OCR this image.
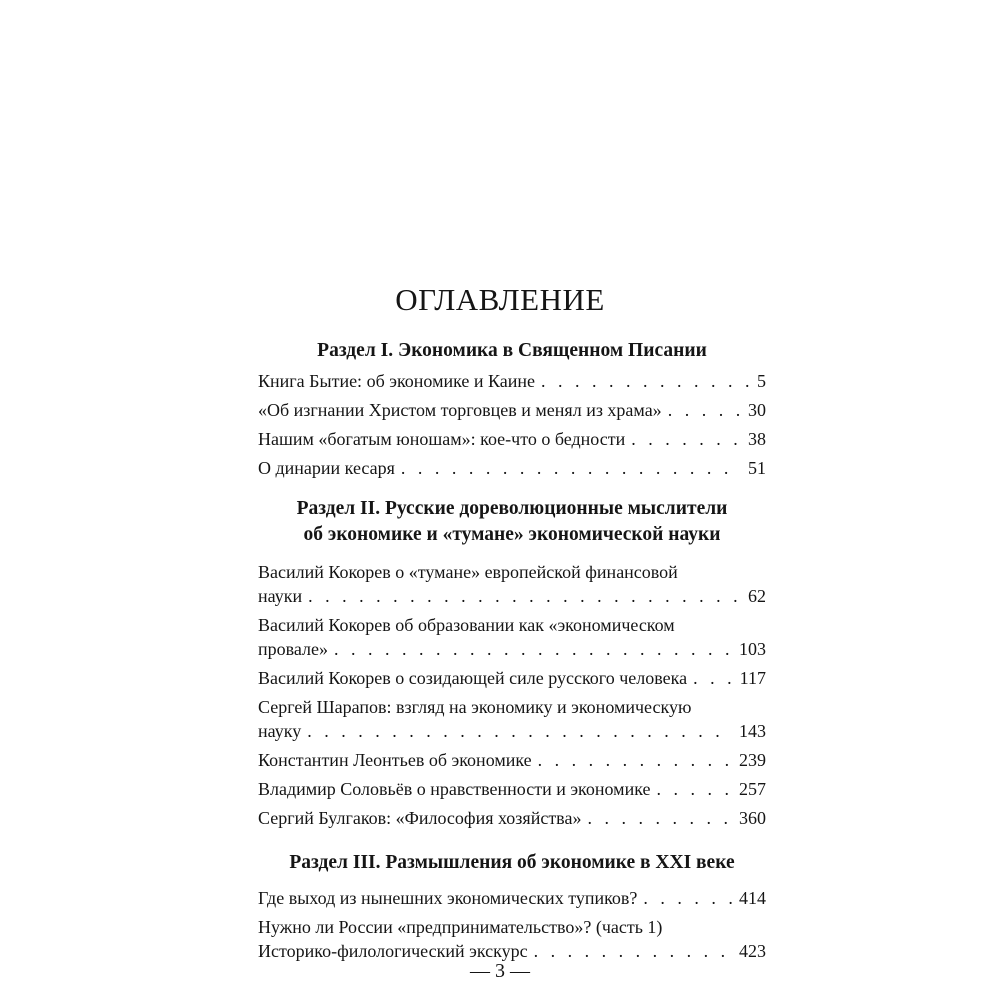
ОГЛАВЛЕНИЕ
Раздел I. Экономика в Священном Писании
Книга Бытие: об экономике и Каине . . .	5
«Об изгнании Христом торговцев и менял из храма» . . .	30
Нашим «богатым юношам»: кое-что о бедности . . .	38
О динарии кесаря . . .	51
Раздел II. Русские дореволюционные мыслители
об экономике и «тумане» экономической науки
Василий Кокорев о «тумане» европейской финансовой
науки . . .	62
Василий Кокорев об образовании как «экономическом
провале» . . .	103
Василий Кокорев о созидающей силе русского человека . . .	117
Сергей Шарапов: взгляд на экономику и экономическую
науку . . .	143
Константин Леонтьев об экономике . . .	239
Владимир Соловьёв о нравственности и экономике . . .	257
Сергий Булгаков: «Философия хозяйства» . . .	360
Раздел III. Размышления об экономике в XXI веке
Где выход из нынешних экономических тупиков? . . .	414
Нужно ли России «предпринимательство»? (часть 1)
Историко-филологический экскурс . . .	423
— 3 —
